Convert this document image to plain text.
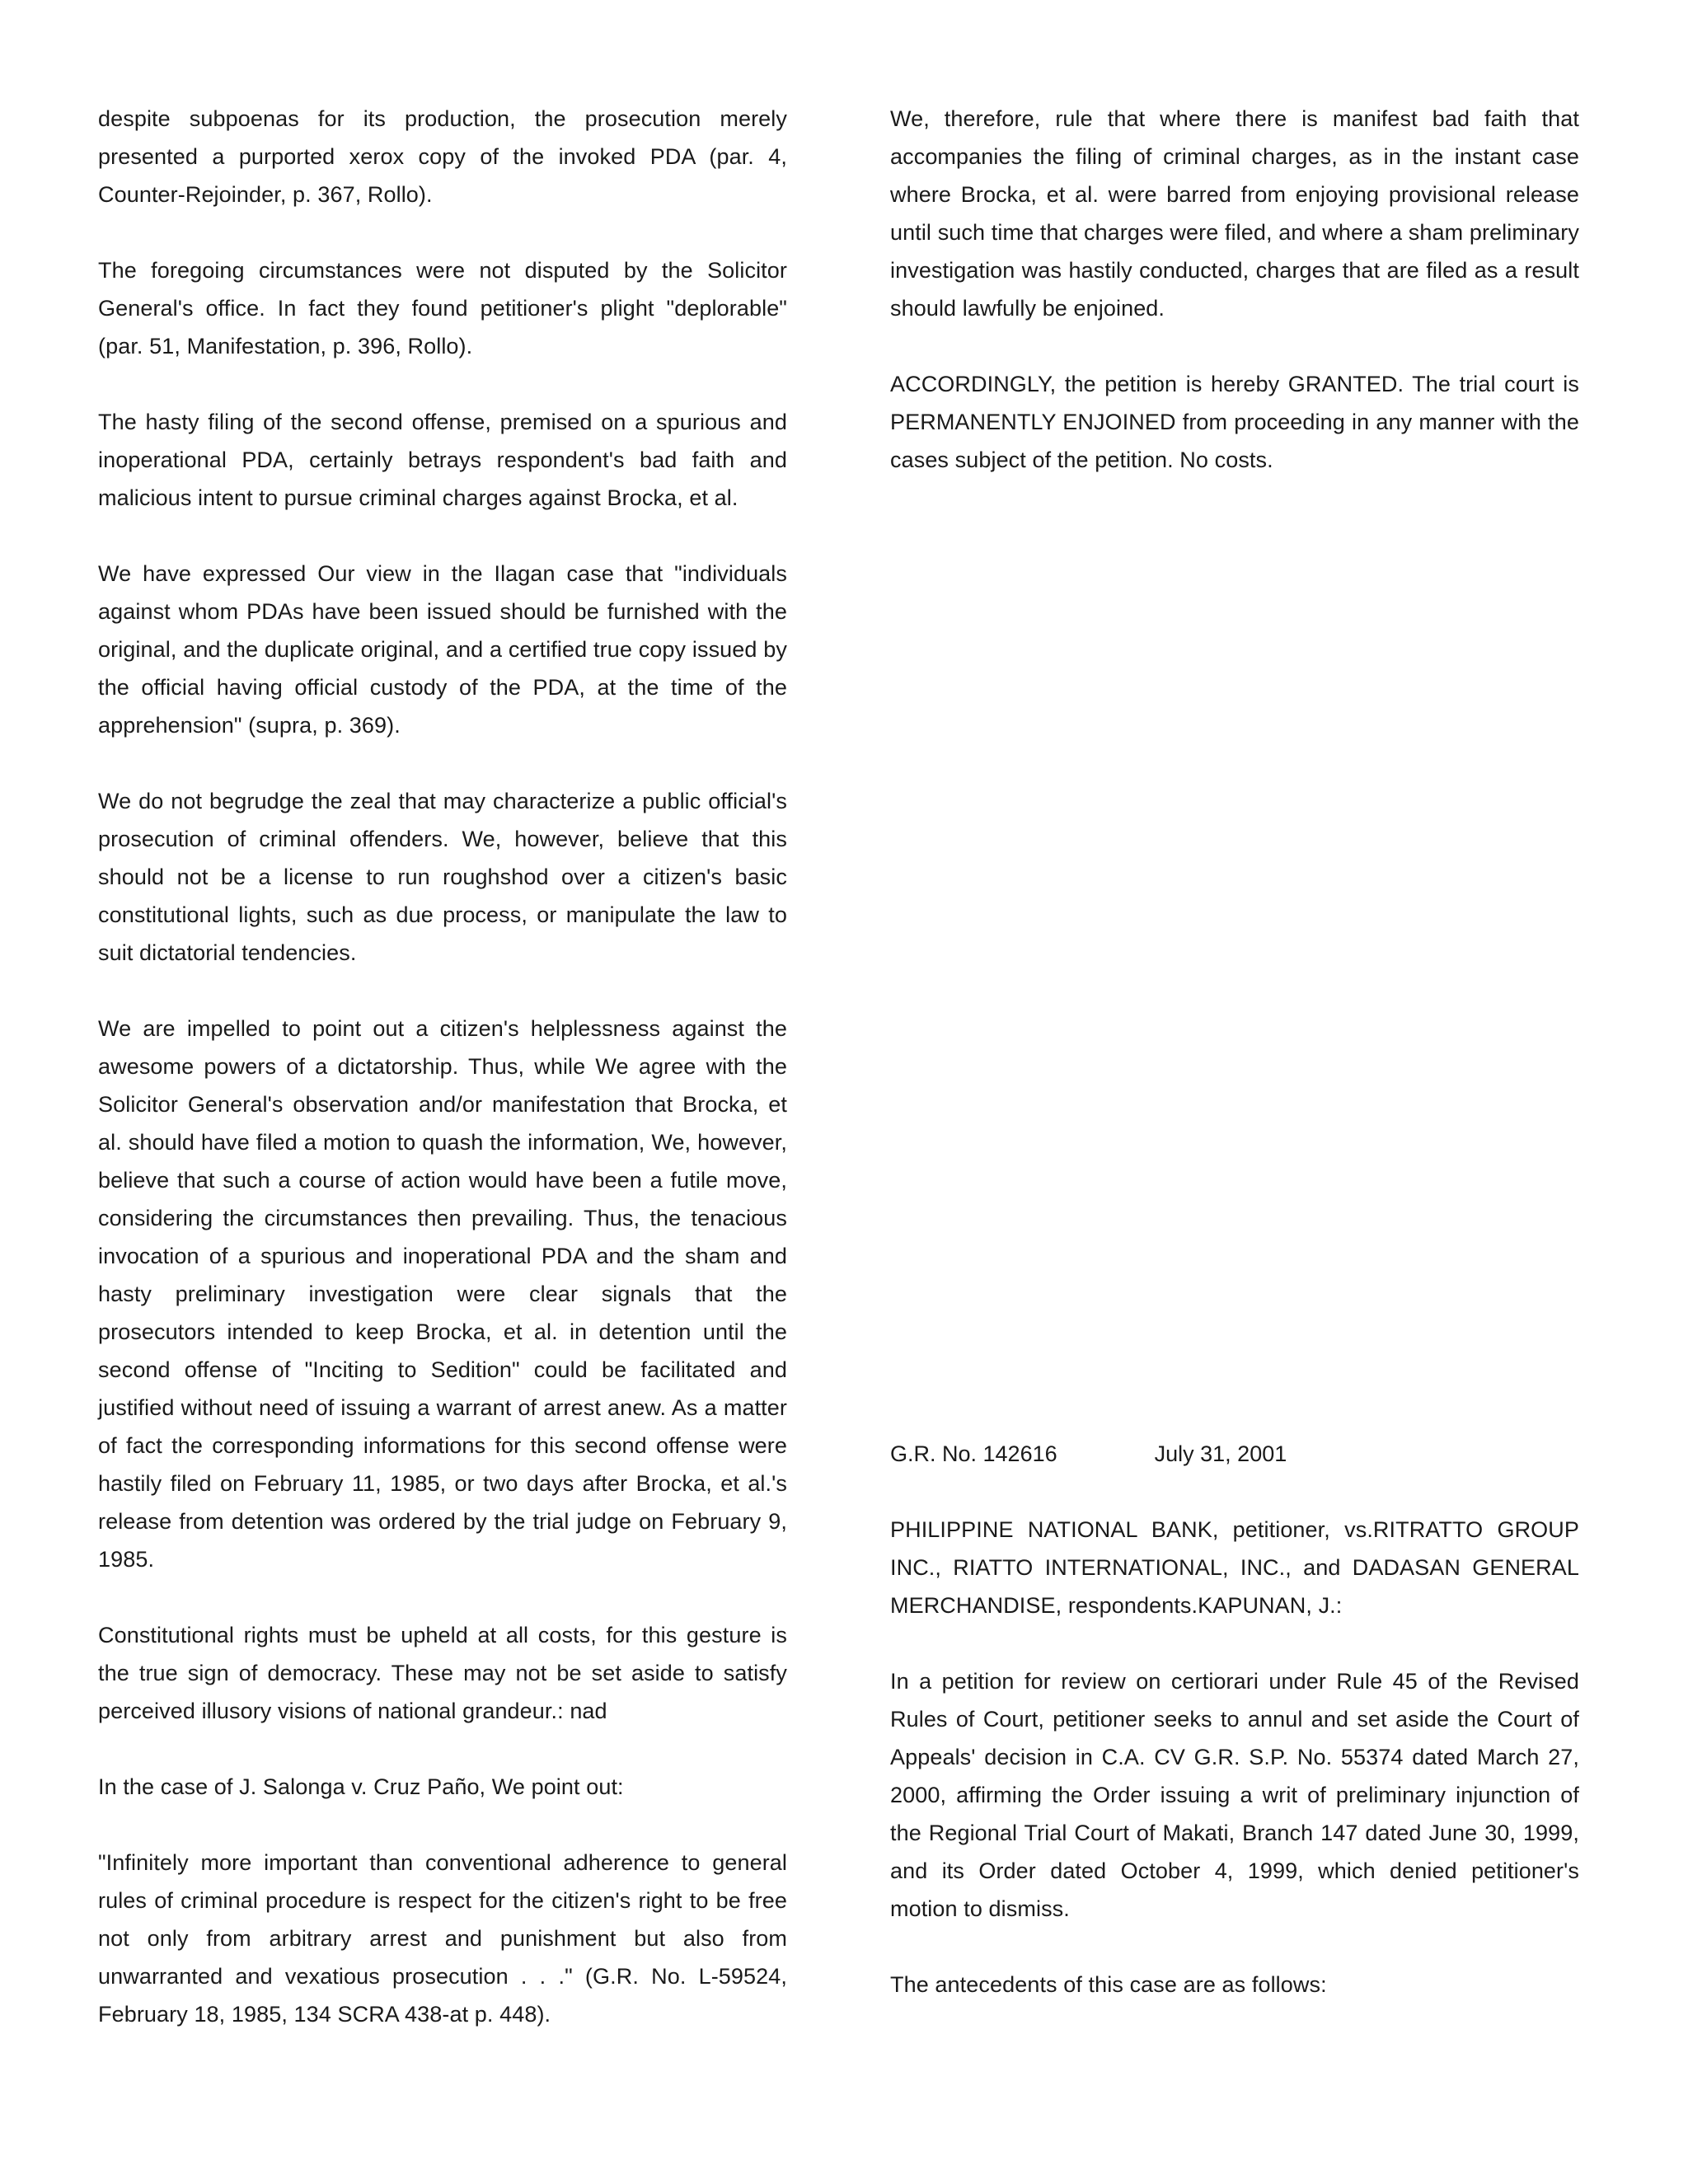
despite subpoenas for its production, the prosecution merely presented a purported xerox copy of the invoked PDA (par. 4, Counter-Rejoinder, p. 367, Rollo).

The foregoing circumstances were not disputed by the Solicitor General's office. In fact they found petitioner's plight "deplorable" (par. 51, Manifestation, p. 396, Rollo).

The hasty filing of the second offense, premised on a spurious and inoperational PDA, certainly betrays respondent's bad faith and malicious intent to pursue criminal charges against Brocka, et al.

We have expressed Our view in the Ilagan case that "individuals against whom PDAs have been issued should be furnished with the original, and the duplicate original, and a certified true copy issued by the official having official custody of the PDA, at the time of the apprehension" (supra, p. 369).

We do not begrudge the zeal that may characterize a public official's prosecution of criminal offenders. We, however, believe that this should not be a license to run roughshod over a citizen's basic constitutional lights, such as due process, or manipulate the law to suit dictatorial tendencies.

We are impelled to point out a citizen's helplessness against the awesome powers of a dictatorship. Thus, while We agree with the Solicitor General's observation and/or manifestation that Brocka, et al. should have filed a motion to quash the information, We, however, believe that such a course of action would have been a futile move, considering the circumstances then prevailing. Thus, the tenacious invocation of a spurious and inoperational PDA and the sham and hasty preliminary investigation were clear signals that the prosecutors intended to keep Brocka, et al. in detention until the second offense of "Inciting to Sedition" could be facilitated and justified without need of issuing a warrant of arrest anew. As a matter of fact the corresponding informations for this second offense were hastily filed on February 11, 1985, or two days after Brocka, et al.'s release from detention was ordered by the trial judge on February 9, 1985.

Constitutional rights must be upheld at all costs, for this gesture is the true sign of democracy. These may not be set aside to satisfy perceived illusory visions of national grandeur.: nad

In the case of J. Salonga v. Cruz Paño, We point out:

"Infinitely more important than conventional adherence to general rules of criminal procedure is respect for the citizen's right to be free not only from arbitrary arrest and punishment but also from unwarranted and vexatious prosecution . . ." (G.R. No. L-59524, February 18, 1985, 134 SCRA 438-at p. 448).

We, therefore, rule that where there is manifest bad faith that accompanies the filing of criminal charges, as in the instant case where Brocka, et al. were barred from enjoying provisional release until such time that charges were filed, and where a sham preliminary investigation was hastily conducted, charges that are filed as a result should lawfully be enjoined.

ACCORDINGLY, the petition is hereby GRANTED. The trial court is PERMANENTLY ENJOINED from proceeding in any manner with the cases subject of the petition. No costs.

G.R. No. 142616	July 31, 2001

PHILIPPINE NATIONAL BANK, petitioner, vs.RITRATTO GROUP INC., RIATTO INTERNATIONAL, INC., and DADASAN GENERAL MERCHANDISE, respondents.KAPUNAN, J.:

In a petition for review on certiorari under Rule 45 of the Revised Rules of Court, petitioner seeks to annul and set aside the Court of Appeals' decision in C.A. CV G.R. S.P. No. 55374 dated March 27, 2000, affirming the Order issuing a writ of preliminary injunction of the Regional Trial Court of Makati, Branch 147 dated June 30, 1999, and its Order dated October 4, 1999, which denied petitioner's motion to dismiss.

The antecedents of this case are as follows:
